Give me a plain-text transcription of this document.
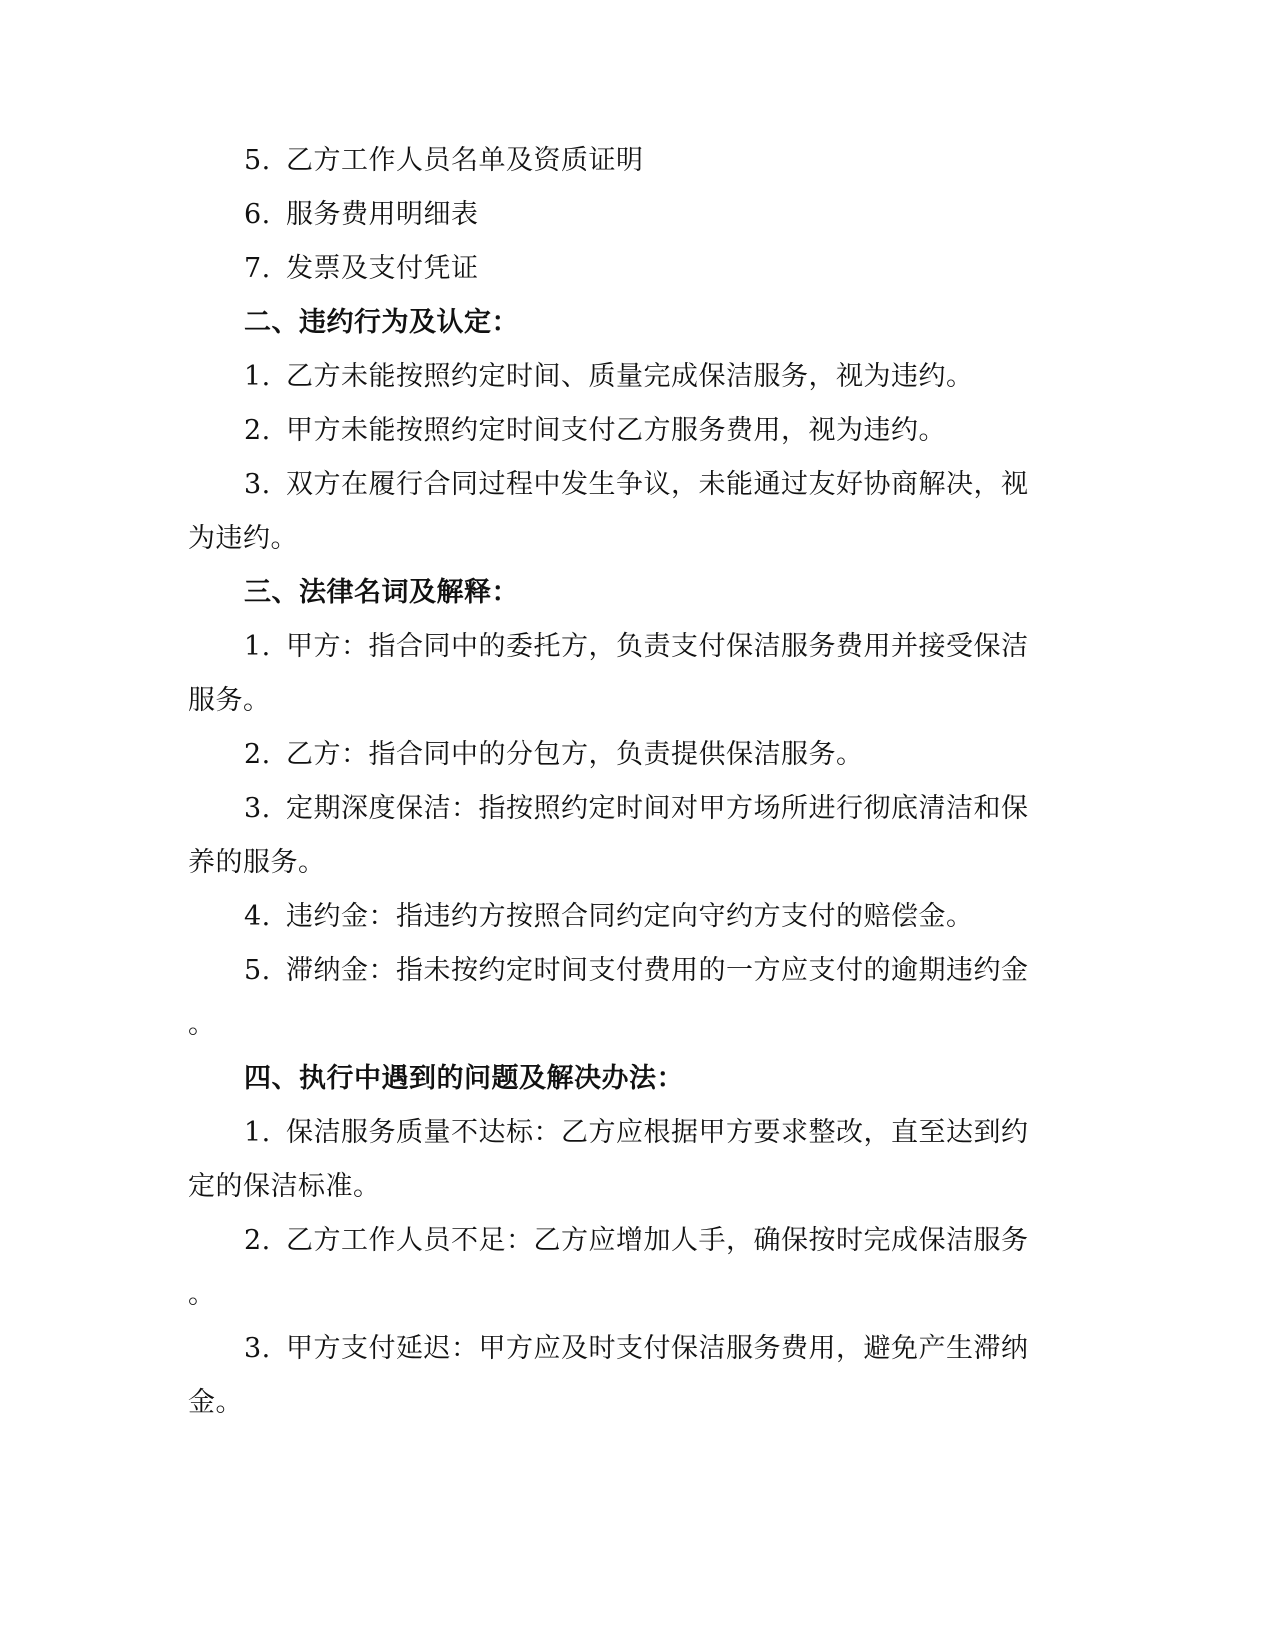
5. 乙方工作人员名单及资质证明
6. 服务费用明细表
7. 发票及支付凭证
二、违约行为及认定：
1. 乙方未能按照约定时间、质量完成保洁服务，视为违约。
2. 甲方未能按照约定时间支付乙方服务费用，视为违约。
3. 双方在履行合同过程中发生争议，未能通过友好协商解决，视
为违约。
三、法律名词及解释：
1. 甲方：指合同中的委托方，负责支付保洁服务费用并接受保洁
服务。
2. 乙方：指合同中的分包方，负责提供保洁服务。
3. 定期深度保洁：指按照约定时间对甲方场所进行彻底清洁和保
养的服务。
4. 违约金：指违约方按照合同约定向守约方支付的赔偿金。
5. 滞纳金：指未按约定时间支付费用的一方应支付的逾期违约金
。
四、执行中遇到的问题及解决办法：
1. 保洁服务质量不达标：乙方应根据甲方要求整改，直至达到约
定的保洁标准。
2. 乙方工作人员不足：乙方应增加人手，确保按时完成保洁服务
。
3. 甲方支付延迟：甲方应及时支付保洁服务费用，避免产生滞纳
金。
